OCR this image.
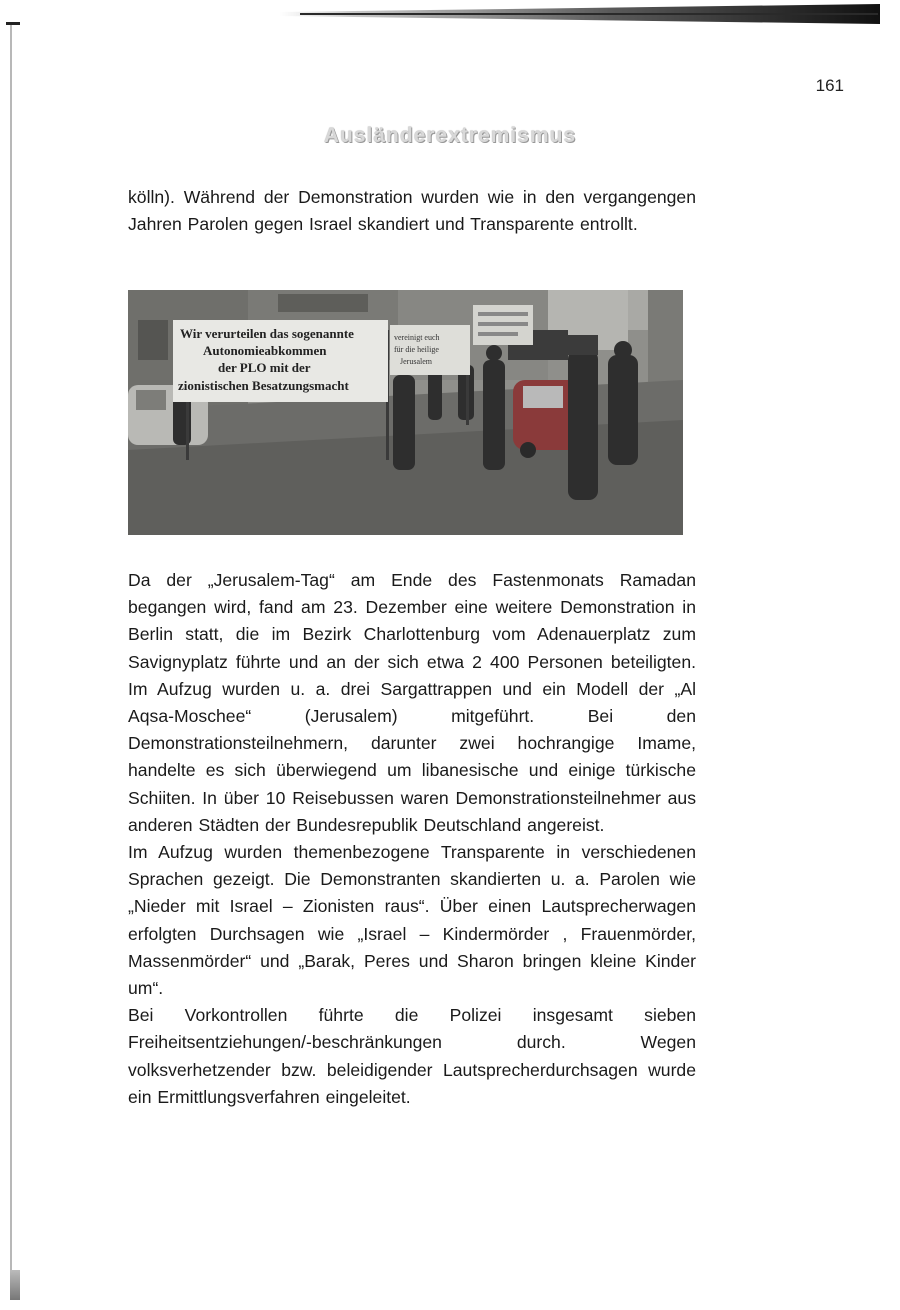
161
Ausländerextremismus

kölln). Während der Demonstration wurden wie in den vergangengen Jahren Parolen gegen Israel skandiert und Transparente entrollt.

Wir verurteilen das sogenannte
Autonomieabkommen
der PLO mit der
zionistischen Besatzungsmacht
vereinigt euch
für die heilige
Jerusalem

Da der „Jerusalem-Tag“ am Ende des Fastenmonats Ramadan begangen wird, fand am 23. Dezember eine weitere Demonstration in Berlin statt, die im Bezirk Charlottenburg vom Adenauerplatz zum Savignyplatz führte und an der sich etwa 2 400 Personen beteiligten. Im Aufzug wurden u. a. drei Sargattrappen und ein Modell der „Al Aqsa-Moschee“ (Jerusalem) mitgeführt. Bei den Demonstrationsteilnehmern, darunter zwei hochrangige Imame, handelte es sich überwiegend um libanesische und einige türkische Schiiten. In über 10 Reisebussen waren Demonstrationsteilnehmer aus anderen Städten der Bundesrepublik Deutschland angereist.

Im Aufzug wurden themenbezogene Transparente in verschiedenen Sprachen gezeigt. Die Demonstranten skandierten u. a. Parolen wie „Nieder mit Israel – Zionisten raus“. Über einen Lautsprecherwagen erfolgten Durchsagen wie „Israel – Kindermörder , Frauenmörder, Massenmörder“ und „Barak, Peres und Sharon bringen kleine Kinder um“.

Bei Vorkontrollen führte die Polizei insgesamt sieben Freiheitsentziehungen/-beschränkungen durch. Wegen volksverhetzender bzw. beleidigender Lautsprecherdurchsagen wurde ein Ermittlungsverfahren eingeleitet.
